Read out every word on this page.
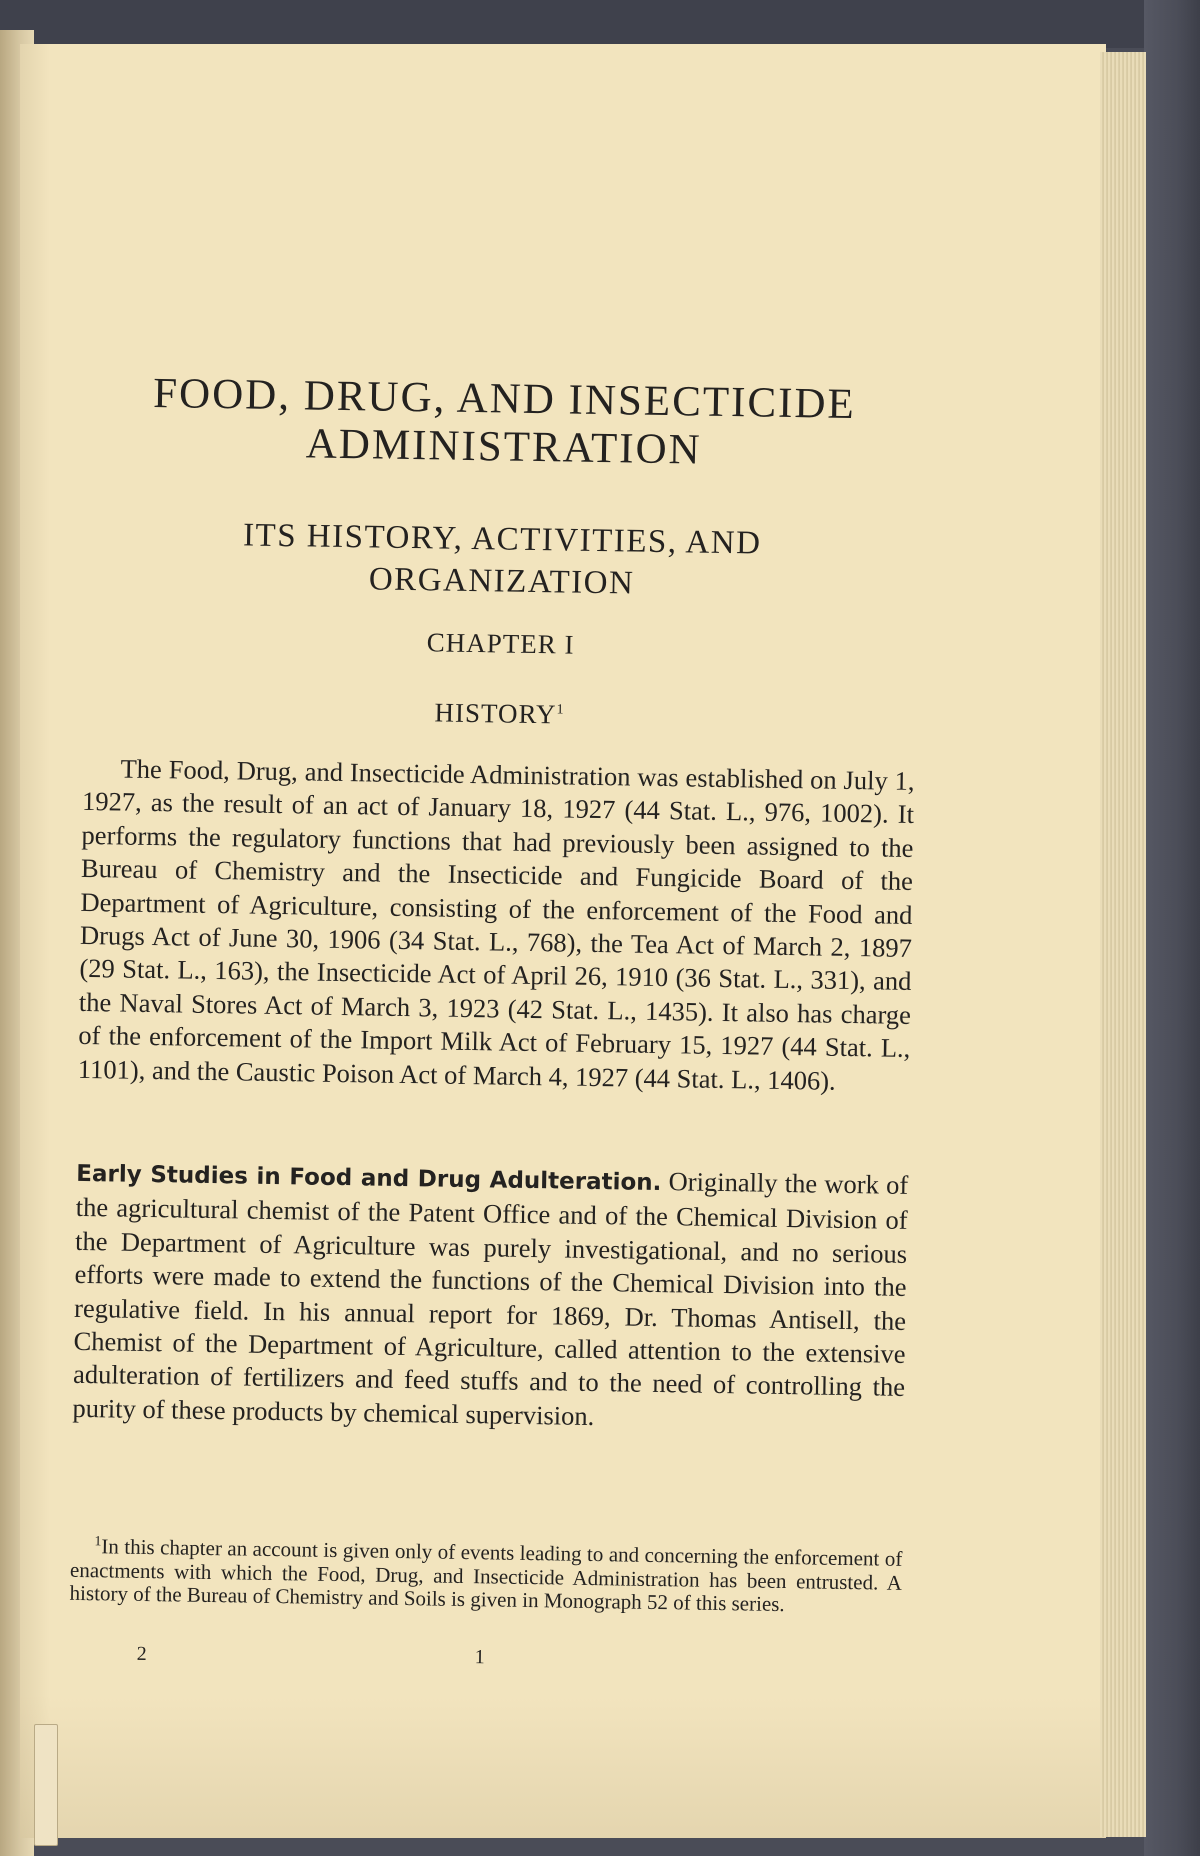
FOOD, DRUG, AND INSECTICIDE
ADMINISTRATION
ITS HISTORY, ACTIVITIES, AND
ORGANIZATION
CHAPTER I
HISTORY$^1$

The Food, Drug, and Insecticide Administration was established on July 1, 1927, as the result of an act of January 18, 1927 (44 Stat. L., 976, 1002). It performs the regulatory functions that had previously been assigned to the Bureau of Chemistry and the Insecticide and Fungicide Board of the Department of Agriculture, consisting of the enforcement of the Food and Drugs Act of June 30, 1906 (34 Stat. L., 768), the Tea Act of March 2, 1897 (29 Stat. L., 163), the Insecticide Act of April 26, 1910 (36 Stat. L., 331), and the Naval Stores Act of March 3, 1923 (42 Stat. L., 1435). It also has charge of the enforcement of the Import Milk Act of February 15, 1927 (44 Stat. L., 1101), and the Caustic Poison Act of March 4, 1927 (44 Stat. L., 1406).

Early Studies in Food and Drug Adulteration. Originally the work of the agricultural chemist of the Patent Office and of the Chemical Division of the Department of Agriculture was purely investigational, and no serious efforts were made to extend the functions of the Chemical Division into the regulative field. In his annual report for 1869, Dr. Thomas Antisell, the Chemist of the Department of Agriculture, called attention to the extensive adulteration of fertilizers and feed stuffs and to the need of controlling the purity of these products by chemical supervision.

$^1$In this chapter an account is given only of events leading to and concerning the enforcement of enactments with which the Food, Drug, and Insecticide Administration has been entrusted. A history of the Bureau of Chemistry and Soils is given in Monograph 52 of this series.

2	1
